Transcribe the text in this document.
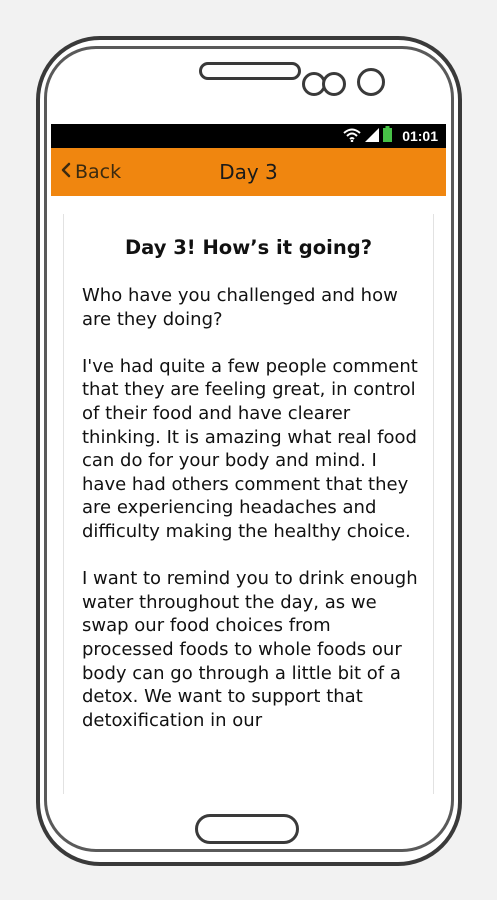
01:01
Back	Day 3
Day 3! How’s it going?

Who have you challenged and how are they doing?

I've had quite a few people comment that they are feeling great, in control of their food and have clearer thinking. It is amazing what real food can do for your body and mind. I have had others comment that they are experiencing headaches and difficulty making the healthy choice.

I want to remind you to drink enough water throughout the day, as we swap our food choices from processed foods to whole foods our body can go through a little bit of a detox. We want to support that detoxification in our
